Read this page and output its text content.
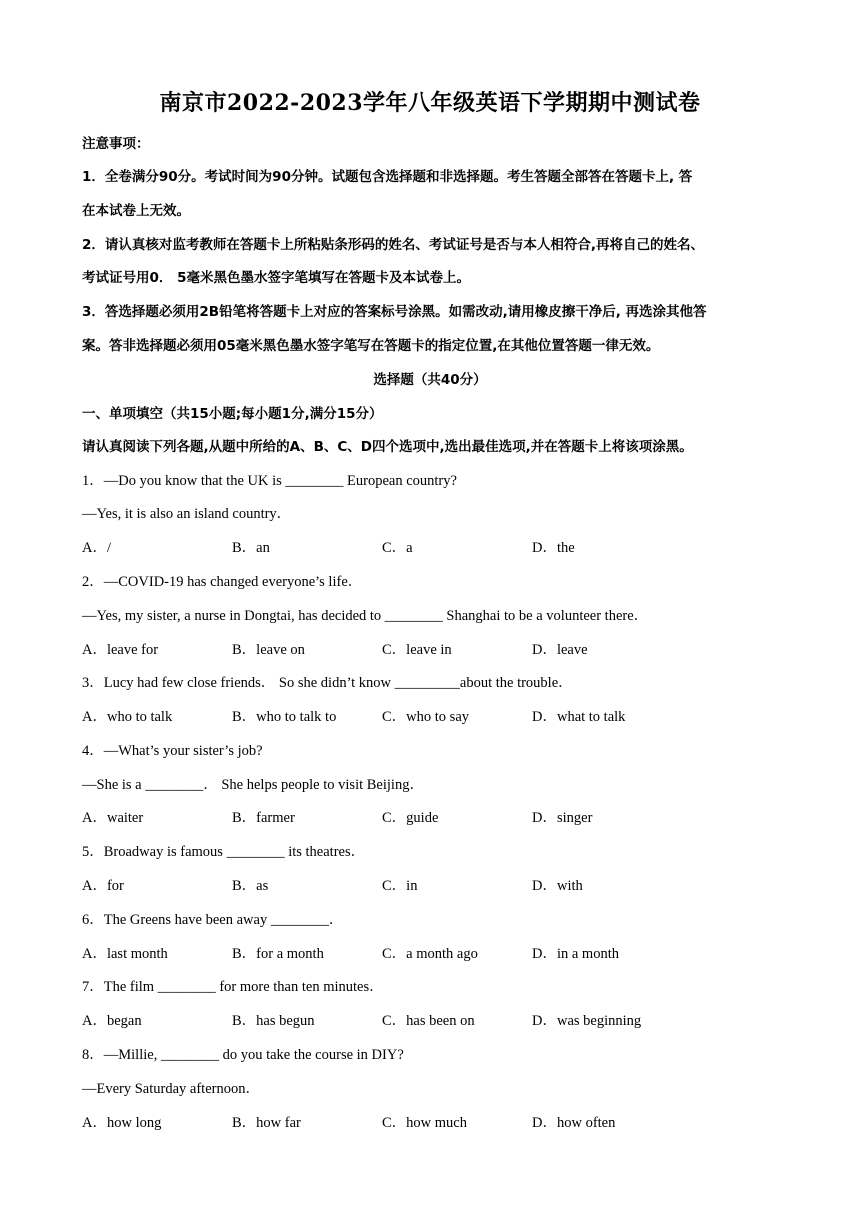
南京市2022-2023学年八年级英语下学期期中测试卷
注意事项：
1．全卷满分90分。考试时间为90分钟。试题包含选择题和非选择题。考生答题全部答在答题卡上, 答
在本试卷上无效。
2．请认真核对监考教师在答题卡上所粘贴条形码的姓名、考试证号是否与本人相符合,再将自己的姓名、
考试证号用0． 5毫米黑色墨水签字笔填写在答题卡及本试卷上。
3．答选择题必须用2B铅笔将答题卡上对应的答案标号涂黑。如需改动,请用橡皮擦干净后, 再选涂其他答
案。答非选择题必须用05毫米黑色墨水签字笔写在答题卡的指定位置,在其他位置答题一律无效。
选择题（共40分）
一、单项填空（共15小题;每小题1分,满分15分）
请认真阅读下列各题,从题中所给的A、B、C、D四个选项中,选出最佳选项,并在答题卡上将该项涂黑。
1．—Do you know that the UK is ________ European country?
—Yes, it is also an island country．
A．/	B．an	C．a	D．the
2．—COVID-19 has changed everyone’s life．
—Yes, my sister, a nurse in Dongtai, has decided to ________ Shanghai to be a volunteer there．
A．leave for	B．leave on	C．leave in	D．leave
3．Lucy had few close friends． So she didn’t know _________about the trouble．
A．who to talk	B．who to talk to	C．who to say	D．what to talk
4．—What’s your sister’s job?
—She is a ________． She helps people to visit Beijing．
A．waiter	B．farmer	C．guide	D．singer
5．Broadway is famous ________ its theatres．
A．for	B．as	C．in	D．with
6．The Greens have been away ________．
A．last month	B．for a month	C．a month ago	D．in a month
7．The film ________ for more than ten minutes．
A．began	B．has begun	C．has been on	D．was beginning
8．—Millie, ________ do you take the course in DIY?
—Every Saturday afternoon．
A．how long	B．how far	C．how much	D．how often
